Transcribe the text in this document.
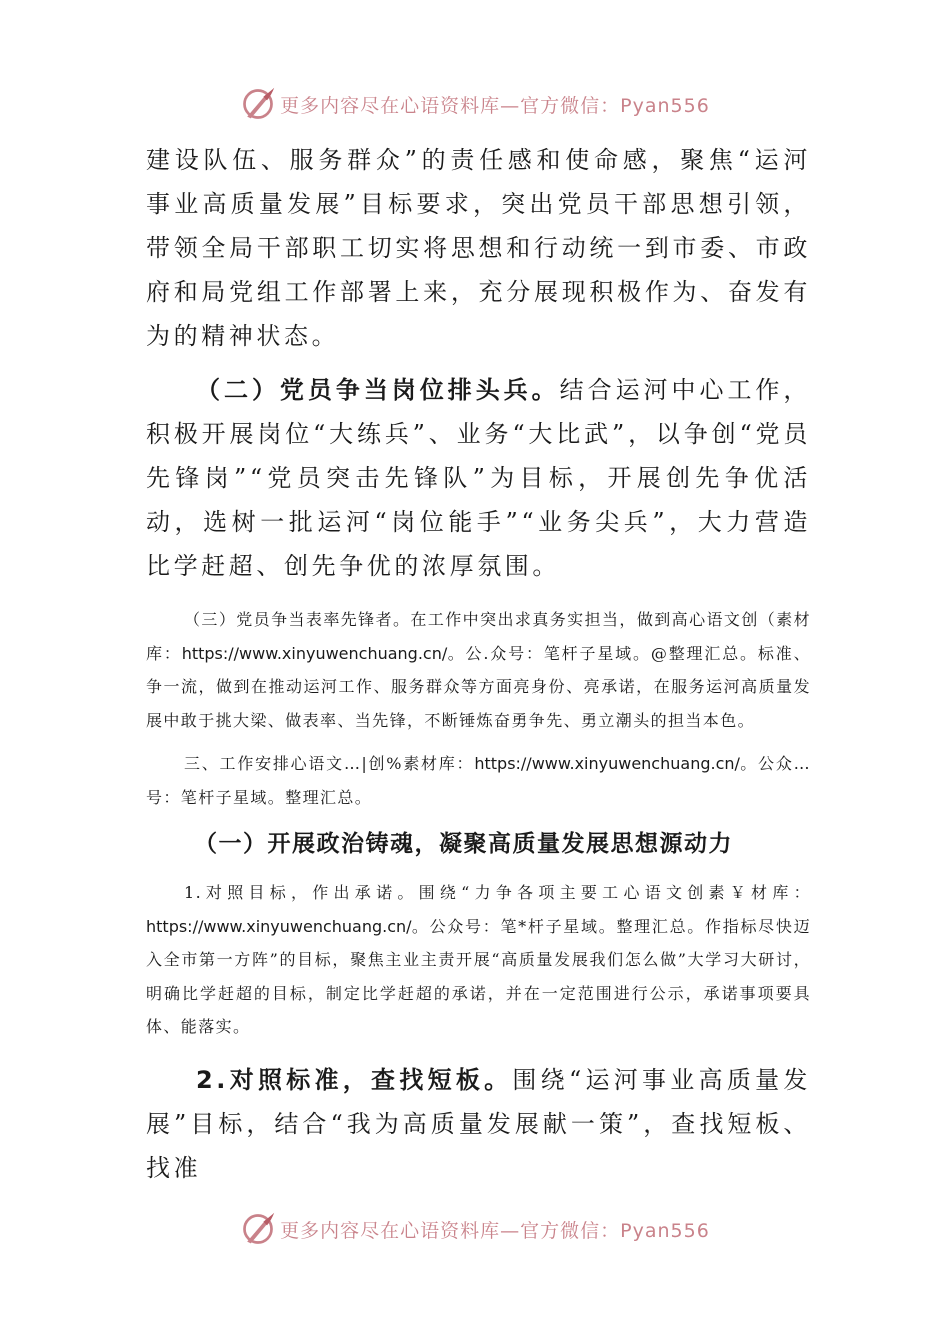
更多内容尽在心语资料库—官方微信：Pyan556

建设队伍、服务群众”的责任感和使命感，聚焦“运河事业高质量发展”目标要求，突出党员干部思想引领，带领全局干部职工切实将思想和行动统一到市委、市政府和局党组工作部署上来，充分展现积极作为、奋发有为的精神状态。

（二）党员争当岗位排头兵。结合运河中心工作，积极开展岗位“大练兵”、业务“大比武”，以争创“党员先锋岗”“党员突击先锋队”为目标，开展创先争优活动，选树一批运河“岗位能手”“业务尖兵”，大力营造比学赶超、创先争优的浓厚氛围。

（三）党员争当表率先锋者。在工作中突出求真务实担当，做到高心语文创（素材库：https://www.xinyuwenchuang.cn/。公.众号：笔杆子星域。@整理汇总。标准、争一流，做到在推动运河工作、服务群众等方面亮身份、亮承诺，在服务运河高质量发展中敢于挑大梁、做表率、当先锋，不断锤炼奋勇争先、勇立潮头的担当本色。

三、工作安排心语文…|创%素材库：https://www.xinyuwenchuang.cn/。公众…号：笔杆子星域。整理汇总。

（一）开展政治铸魂，凝聚高质量发展思想源动力

1.对照目标，作出承诺。围绕“力争各项主要工心语文创素￥材库：https://www.xinyuwenchuang.cn/。公众号：笔*杆子星域。整理汇总。作指标尽快迈入全市第一方阵”的目标，聚焦主业主责开展“高质量发展我们怎么做”大学习大研讨，明确比学赶超的目标，制定比学赶超的承诺，并在一定范围进行公示，承诺事项要具体、能落实。

2.对照标准，查找短板。围绕“运河事业高质量发展”目标，结合“我为高质量发展献一策”，查找短板、找准

更多内容尽在心语资料库—官方微信：Pyan556
